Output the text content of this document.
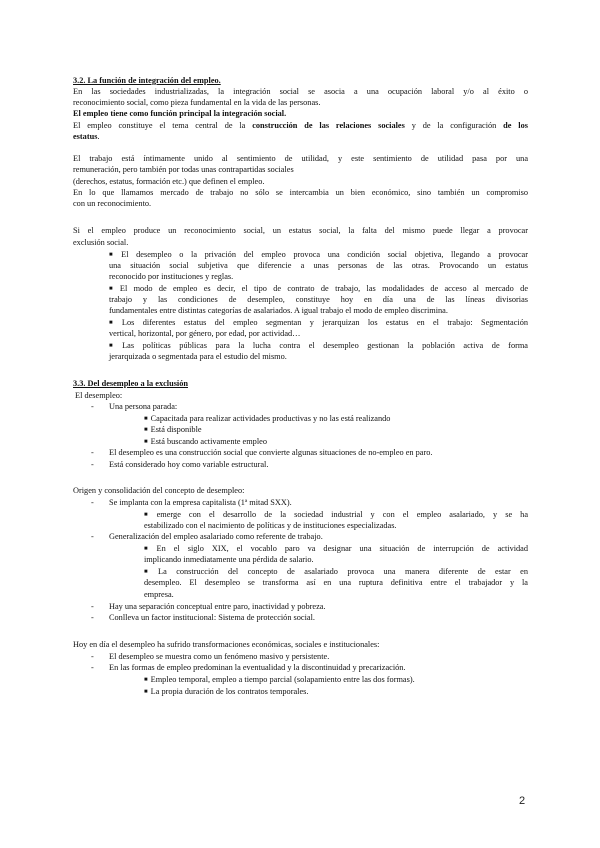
3.2. La función de integración del empleo.
En las sociedades industrializadas, la integración social se asocia a una ocupación laboral y/o al éxito o
reconocimiento social, como pieza fundamental en la vida de las personas.
El empleo tiene como función principal la integración social.
El empleo constituye el tema central de la construcción de las relaciones sociales y de la configuración de los
estatus.
El trabajo está íntimamente unido al sentimiento de utilidad, y este sentimiento de utilidad pasa por una
remuneración, pero también por todas unas contrapartidas sociales
(derechos, estatus, formación etc.) que definen el empleo.
En lo que llamamos mercado de trabajo no sólo se intercambia un bien económico, sino también un compromiso
con un reconocimiento.
Si el empleo produce un reconocimiento social, un estatus social, la falta del mismo puede llegar a provocar
exclusión social.
■ El desempleo o la privación del empleo provoca una condición social objetiva, llegando a provocar
una situación social subjetiva que diferencie a unas personas de las otras. Provocando un estatus
reconocido por instituciones y reglas.
■ El modo de empleo es decir, el tipo de contrato de trabajo, las modalidades de acceso al mercado de
trabajo y las condiciones de desempleo, constituye hoy en día una de las líneas divisorias
fundamentales entre distintas categorías de asalariados. A igual trabajo el modo de empleo discrimina.
■ Los diferentes estatus del empleo segmentan y jerarquizan los estatus en el trabajo: Segmentación
vertical, horizontal, por género, por edad, por actividad…
■ Las políticas públicas para la lucha contra el desempleo gestionan la población activa de forma
jerarquizada o segmentada para el estudio del mismo.
3.3. Del desempleo a la exclusión
El desempleo:
- Una persona parada:
■ Capacitada para realizar actividades productivas y no las está realizando
■ Está disponible
■ Está buscando activamente empleo
- El desempleo es una construcción social que convierte algunas situaciones de no-empleo en paro.
- Está considerado hoy como variable estructural.
Origen y consolidación del concepto de desempleo:
- Se implanta con la empresa capitalista (1ª mitad SXX).
■ emerge con el desarrollo de la sociedad industrial y con el empleo asalariado, y se ha
estabilizado con el nacimiento de políticas y de instituciones especializadas.
- Generalización del empleo asalariado como referente de trabajo.
■ En el siglo XIX, el vocablo paro va designar una situación de interrupción de actividad
implicando inmediatamente una pérdida de salario.
■ La construcción del concepto de asalariado provoca una manera diferente de estar en
desempleo. El desempleo se transforma así en una ruptura definitiva entre el trabajador y la
empresa.
- Hay una separación conceptual entre paro, inactividad y pobreza.
- Conlleva un factor institucional: Sistema de protección social.
Hoy en día el desempleo ha sufrido transformaciones económicas, sociales e institucionales:
- El desempleo se muestra como un fenómeno masivo y persistente.
- En las formas de empleo predominan la eventualidad y la discontinuidad y precarización.
■ Empleo temporal, empleo a tiempo parcial (solapamiento entre las dos formas).
■ La propia duración de los contratos temporales.
2
